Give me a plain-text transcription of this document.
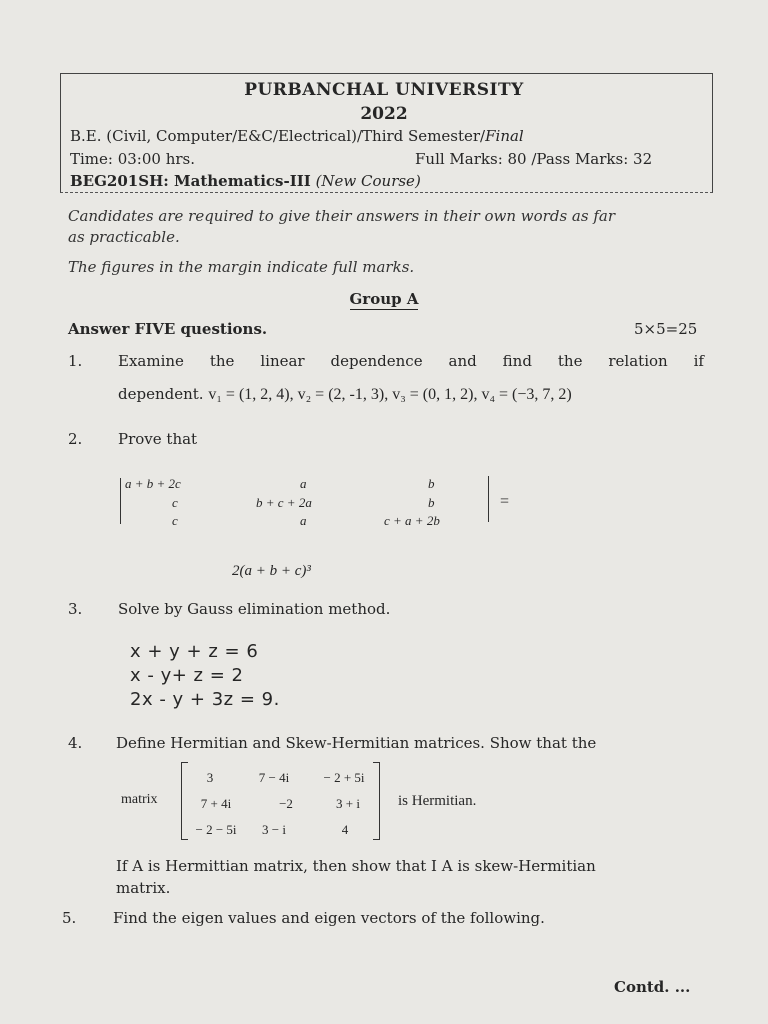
PURBANCHAL UNIVERSITY
2022
B.E. (Civil, Computer/E&C/Electrical)/Third Semester/Final
Time: 03:00 hrs.	Full Marks: 80 /Pass Marks: 32
BEG201SH: Mathematics-III (New Course)
Candidates are required to give their answers in their own words as far
as practicable.
The figures in the margin indicate full marks.
Group A
Answer FIVE questions.	5×5=25
1. Examine the linear dependence and find the relation if
dependent. v₁ = (1, 2, 4), v₂ = (2, -1, 3), v₃ = (0, 1, 2), v₄ = (−3, 7, 2)
2. Prove that
a + b + 2c	a	b
c	b + c + 2a	b
c	a	c + a + 2b
=
2(a + b + c)³
3. Solve by Gauss elimination method.
x + y + z = 6
x - y+ z = 2
2x - y + 3z = 9.
4. Define Hermitian and Skew-Hermitian matrices. Show that the
matrix
3	7 − 4i	− 2 + 5i
7 + 4i	−2	3 + i
− 2 − 5i	3 − i	4
is Hermitian.
If A is Hermittian matrix, then show that I A is skew-Hermitian
matrix.
5. Find the eigen values and eigen vectors of the following.
Contd. ...
